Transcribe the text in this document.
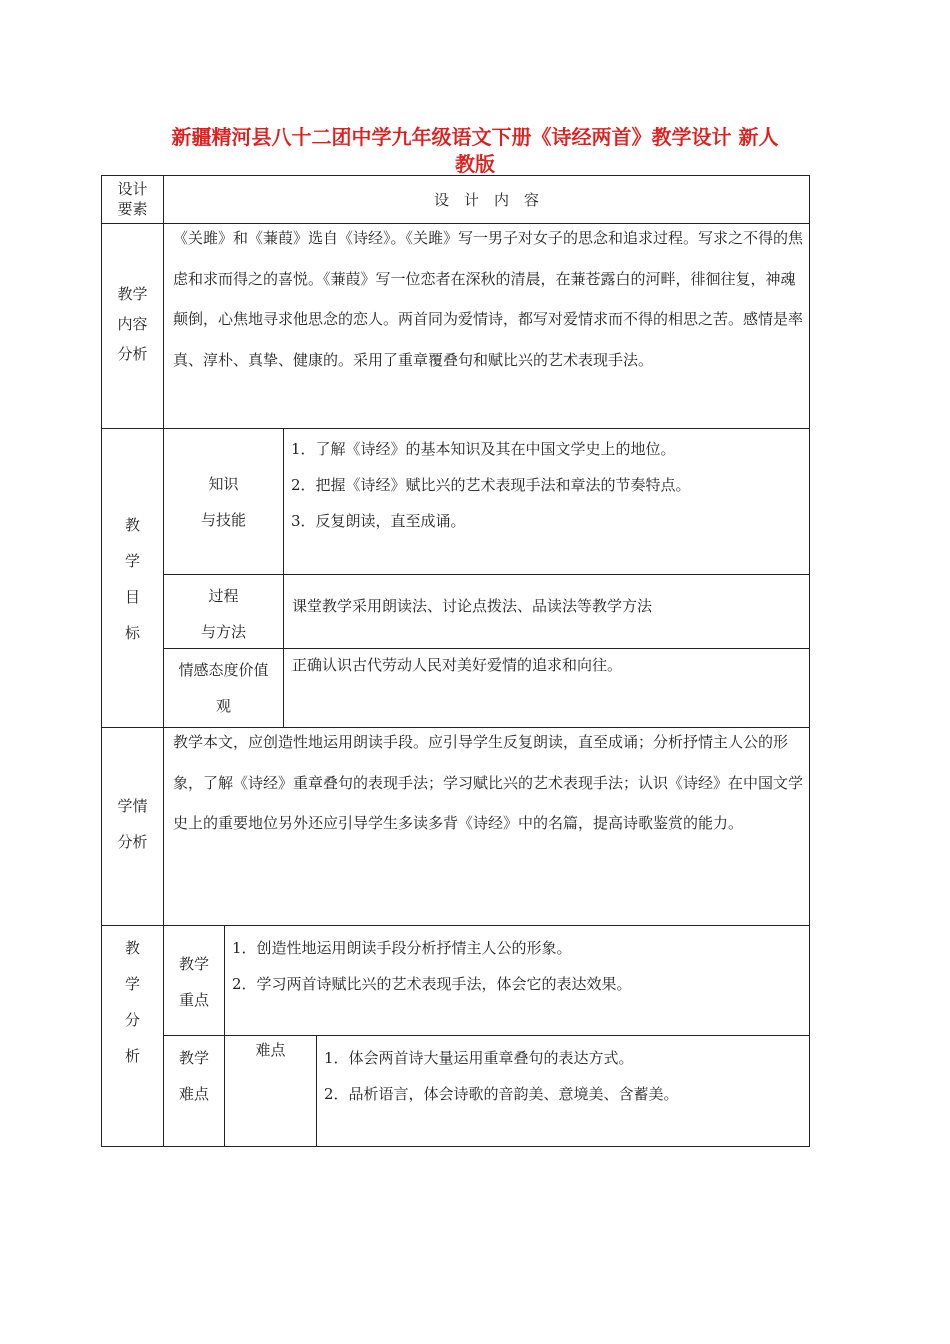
新疆精河县八十二团中学九年级语文下册《诗经两首》教学设计 新人
教版
设计
要素	设　计　内　容
教学
内容
分析
《关雎》和《蒹葭》选自《诗经》。《关雎》写一男子对女子的思念和追求过程。写求之不得的焦虑和求而得之的喜悦。《蒹葭》写一位恋者在深秋的清晨，在蒹苍露白的河畔，徘徊往复，神魂颠倒，心焦地寻求他思念的恋人。两首同为爱情诗，都写对爱情求而不得的相思之苦。感情是率真、淳朴、真挚、健康的。采用了重章覆叠句和赋比兴的艺术表现手法。
教
学
目
标
知识
与技能
1．了解《诗经》的基本知识及其在中国文学史上的地位。
2．把握《诗经》赋比兴的艺术表现手法和章法的节奏特点。
3．反复朗读，直至成诵。
过程
与方法
课堂教学采用朗读法、讨论点拨法、品读法等教学方法
情感态度价值
观
正确认识古代劳动人民对美好爱情的追求和向往。
学情
分析
教学本文，应创造性地运用朗读手段。应引导学生反复朗读，直至成诵；分析抒情主人公的形象，了解《诗经》重章叠句的表现手法；学习赋比兴的艺术表现手法；认识《诗经》在中国文学史上的重要地位另外还应引导学生多读多背《诗经》中的名篇，提高诗歌鉴赏的能力。
教
学
分
析
教学
重点
1．创造性地运用朗读手段分析抒情主人公的形象。
2．学习两首诗赋比兴的艺术表现手法，体会它的表达效果。
教学
难点
难点	1．体会两首诗大量运用重章叠句的表达方式。
2．品析语言，体会诗歌的音韵美、意境美、含蓄美。
